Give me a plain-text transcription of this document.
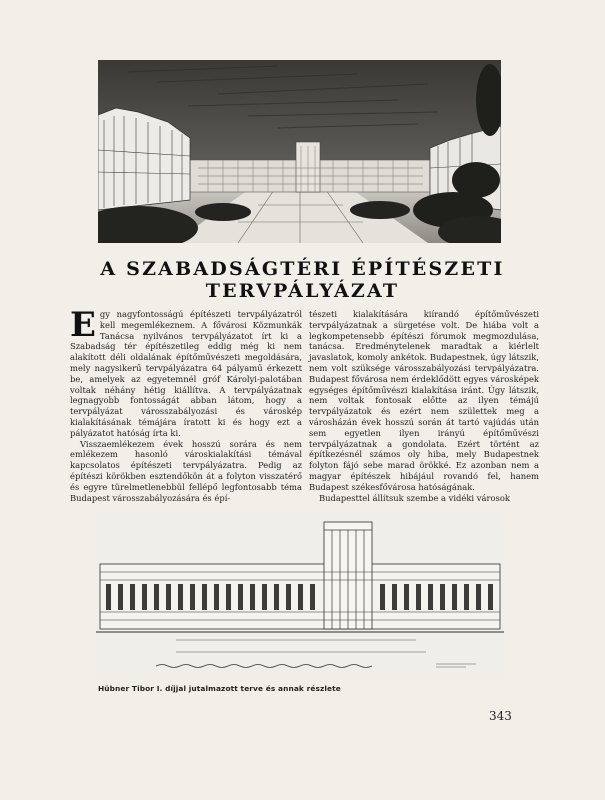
A SZABADSÁGTÉRI ÉPÍTÉSZETI
TERVPÁLYÁZAT

Egy nagyfontosságú építészeti tervpályázatról kell megemlékeznem. A fővárosi Közmunkák Tanácsa nyilvános tervpályázatot írt ki a Szabadság tér építészetileg eddig még ki nem alakított déli oldalának építőművészeti megoldására, mely nagysikerű tervpályázatra 64 pályamű érkezett be, amelyek az egyetemnél gróf Károlyi-palotában voltak néhány hétig kiállítva. A tervpályázatnak legnagyobb fontosságát abban látom, hogy a tervpályázat városszabályozási és városkép kialakításának témájára íratott ki és hogy ezt a pályázatot hatóság írta ki.

Visszaemlékezem évek hosszú sorára és nem emlékezem hasonló városkialakítási témával kapcsolatos építészeti tervpályázatra. Pedig az építészi körökben esztendőkön át a folyton visszatérő és egyre türelmetlenebbül fellépő legfontosabb téma Budapest városszabályozására és épí-

tészeti kialakítására kiírandó építőművészeti tervpályázatnak a sürgetése volt. De hiába volt a legkompetensebb építészi fórumok megmozdulása, tanácsa. Eredménytelenek maradtak a kiérlelt javaslatok, komoly ankétok. Budapestnek, úgy látszik, nem volt szüksége városszabályozási tervpályázatra. Budapest fővárosa nem érdeklődött egyes városképek egységes építőművészi kialakítása iránt. Úgy látszik, nem voltak fontosak előtte az ilyen témájú tervpályázatok és ezért nem születtek meg a városházán évek hosszú során át tartó vajúdás után sem egyetlen ilyen irányú építőművészi tervpályázatnak a gondolata. Ezért történt az építkezésnél számos oly hiba, mely Budapestnek folyton fájó sebe marad örökké. Ez azonban nem a magyar építészek hibájául rovandó fel, hanem Budapest székesfővárosa hatóságának.

Budapesttel állítsuk szembe a vidéki városok

Hübner Tibor I. díjjal jutalmazott terve és annak részlete
343
